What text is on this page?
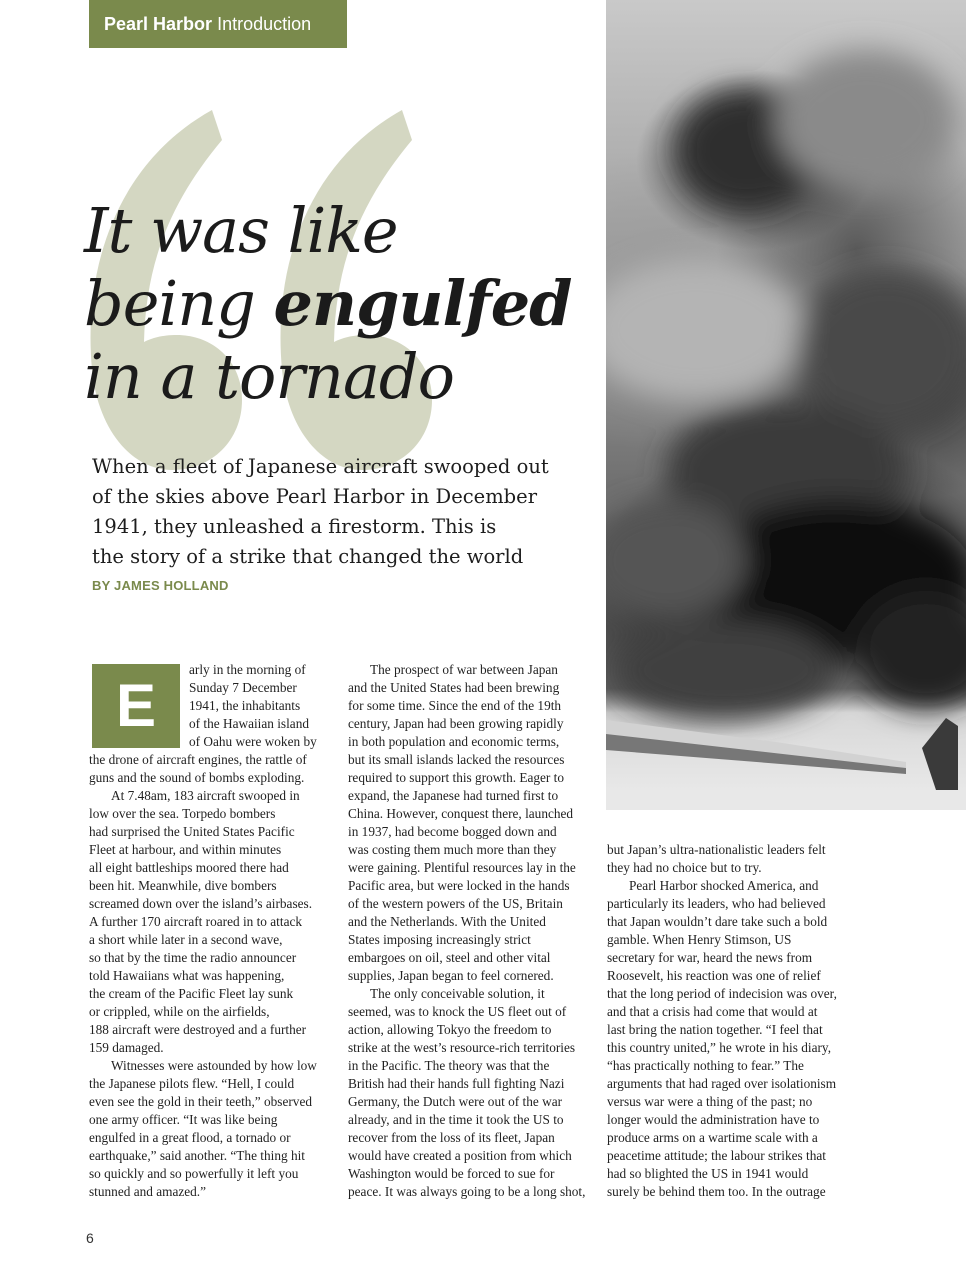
Pearl Harbor Introduction
It was like
being engulfed
in a tornado
When a fleet of Japanese aircraft swooped out
of the skies above Pearl Harbor in December
1941, they unleashed a firestorm. This is
the story of a strike that changed the world
BY JAMES HOLLAND
E
arly in the morning of
Sunday 7 December
1941, the inhabitants
of the Hawaiian island
of Oahu were woken by
the drone of aircraft engines, the rattle of
guns and the sound of bombs exploding.
At 7.48am, 183 aircraft swooped in
low over the sea. Torpedo bombers
had surprised the United States Pacific
Fleet at harbour, and within minutes
all eight battleships moored there had
been hit. Meanwhile, dive bombers
screamed down over the island’s airbases.
A further 170 aircraft roared in to attack
a short while later in a second wave,
so that by the time the radio announcer
told Hawaiians what was happening,
the cream of the Pacific Fleet lay sunk
or crippled, while on the airfields,
188 aircraft were destroyed and a further
159 damaged.
Witnesses were astounded by how low
the Japanese pilots flew. “Hell, I could
even see the gold in their teeth,” observed
one army officer. “It was like being
engulfed in a great flood, a tornado or
earthquake,” said another. “The thing hit
so quickly and so powerfully it left you
stunned and amazed.”
The prospect of war between Japan
and the United States had been brewing
for some time. Since the end of the 19th
century, Japan had been growing rapidly
in both population and economic terms,
but its small islands lacked the resources
required to support this growth. Eager to
expand, the Japanese had turned first to
China. However, conquest there, launched
in 1937, had become bogged down and
was costing them much more than they
were gaining. Plentiful resources lay in the
Pacific area, but were locked in the hands
of the western powers of the US, Britain
and the Netherlands. With the United
States imposing increasingly strict
embargoes on oil, steel and other vital
supplies, Japan began to feel cornered.
The only conceivable solution, it
seemed, was to knock the US fleet out of
action, allowing Tokyo the freedom to
strike at the west’s resource-rich territories
in the Pacific. The theory was that the
British had their hands full fighting Nazi
Germany, the Dutch were out of the war
already, and in the time it took the US to
recover from the loss of its fleet, Japan
would have created a position from which
Washington would be forced to sue for
peace. It was always going to be a long shot,
but Japan’s ultra-nationalistic leaders felt
they had no choice but to try.
Pearl Harbor shocked America, and
particularly its leaders, who had believed
that Japan wouldn’t dare take such a bold
gamble. When Henry Stimson, US
secretary for war, heard the news from
Roosevelt, his reaction was one of relief
that the long period of indecision was over,
and that a crisis had come that would at
last bring the nation together. “I feel that
this country united,” he wrote in his diary,
“has practically nothing to fear.” The
arguments that had raged over isolationism
versus war were a thing of the past; no
longer would the administration have to
produce arms on a wartime scale with a
peacetime attitude; the labour strikes that
had so blighted the US in 1941 would
surely be behind them too. In the outrage
6
